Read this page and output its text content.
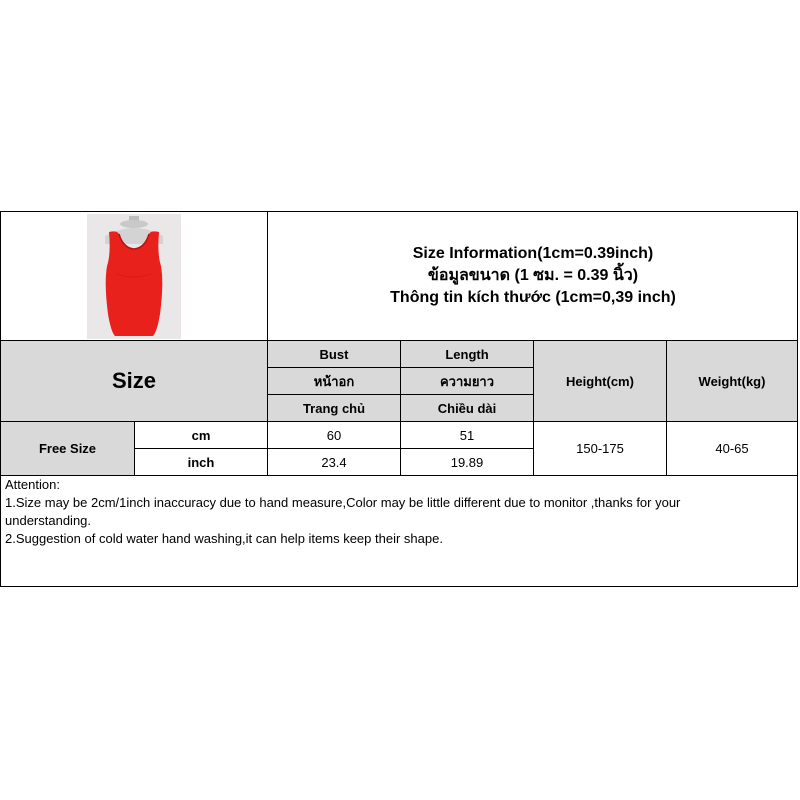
Size Information(1cm=0.39inch)
ข้อมูลขนาด (1 ซม. = 0.39 นิ้ว)
Thông tin kích thước (1cm=0,39 inch)
Size
Bust
หน้าอก
Trang chủ
Length
ความยาว
Chiều dài
Height(cm)	Weight(kg)
Free Size
cm
inch
60
23.4
51
19.89
150-175	40-65
Attention:
1.Size may be 2cm/1inch inaccuracy due to hand measure,Color may be little different due to monitor ,thanks for your
understanding.
2.Suggestion of cold water hand washing,it can help items keep their shape.
